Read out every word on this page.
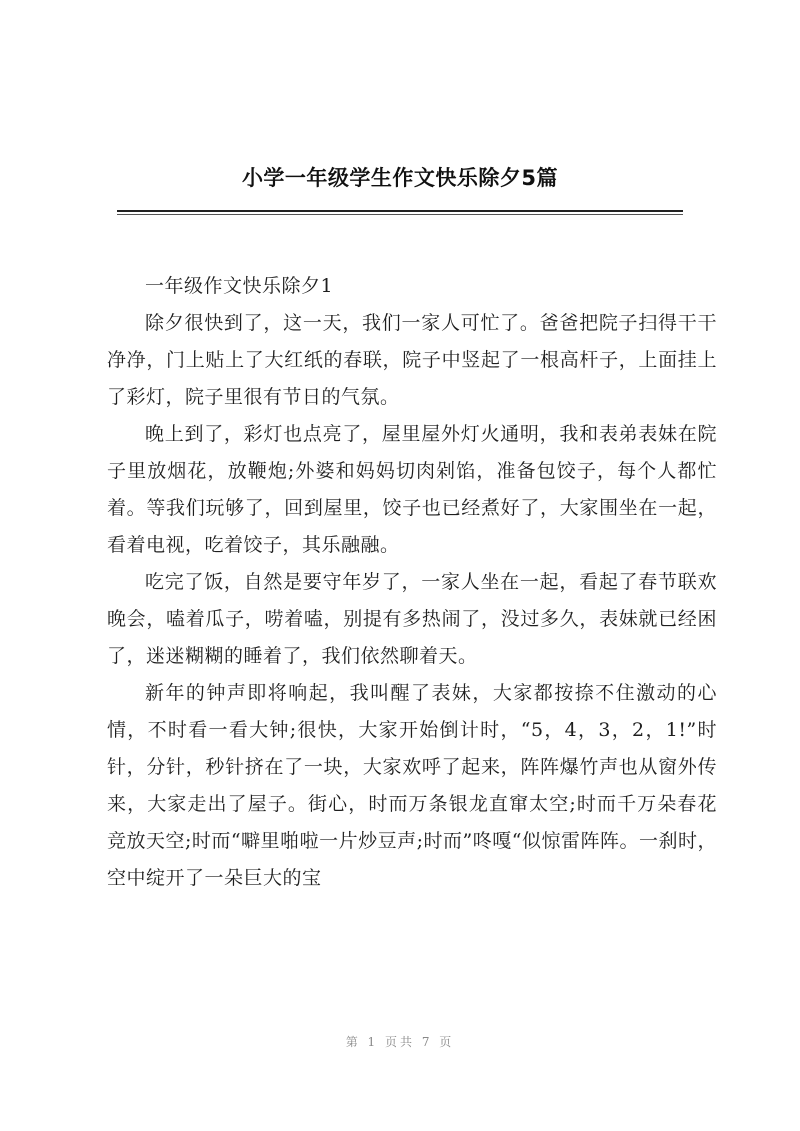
小学一年级学生作文快乐除夕5篇

一年级作文快乐除夕1

除夕很快到了，这一天，我们一家人可忙了。爸爸把院子扫得干干净净，门上贴上了大红纸的春联，院子中竖起了一根高杆子，上面挂上了彩灯，院子里很有节日的气氛。

晚上到了，彩灯也点亮了，屋里屋外灯火通明，我和表弟表妹在院子里放烟花，放鞭炮;外婆和妈妈切肉剁馅，准备包饺子，每个人都忙着。等我们玩够了，回到屋里，饺子也已经煮好了，大家围坐在一起，看着电视，吃着饺子，其乐融融。

吃完了饭，自然是要守年岁了，一家人坐在一起，看起了春节联欢晚会，嗑着瓜子，唠着嗑，别提有多热闹了，没过多久，表妹就已经困了，迷迷糊糊的睡着了，我们依然聊着天。

新年的钟声即将响起，我叫醒了表妹，大家都按捺不住激动的心情，不时看一看大钟;很快，大家开始倒计时，“5，4，3，2，1!”时针，分针，秒针挤在了一块，大家欢呼了起来，阵阵爆竹声也从窗外传来，大家走出了屋子。街心，时而万条银龙直窜太空;时而千万朵春花竞放天空;时而“噼里啪啦一片炒豆声;时而”咚嘎“似惊雷阵阵。一刹时，空中绽开了一朵巨大的宝

第 1 页共 7 页
